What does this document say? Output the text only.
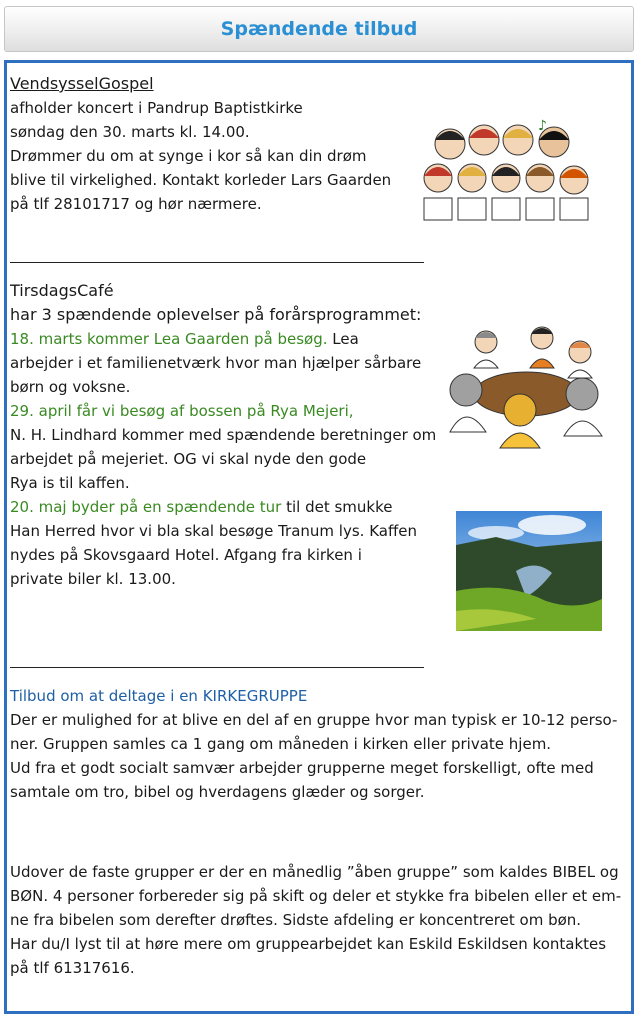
Spændende tilbud
VendsysselGospel
afholder koncert i Pandrup Baptistkirke
søndag den 30. marts kl. 14.00.
Drømmer du om at synge i kor så kan din drøm
blive til virkelighed. Kontakt korleder Lars Gaarden
på tlf 28101717 og hør nærmere.
♪
TirsdagsCafé
har 3 spændende oplevelser på forårsprogrammet:
18. marts kommer Lea Gaarden på besøg. Lea
arbejder i et familienetværk hvor man hjælper sårbare
børn og voksne.
29. april får vi besøg af bossen på Rya Mejeri,
N. H. Lindhard kommer med spændende beretninger om
arbejdet på mejeriet. OG vi skal nyde den gode
Rya is til kaffen.
20. maj byder på en spændende tur til det smukke
Han Herred hvor vi bla skal besøge Tranum lys. Kaffen
nydes på Skovsgaard Hotel. Afgang fra kirken i
private biler kl. 13.00.
Tilbud om at deltage i en KIRKEGRUPPE
Der er mulighed for at blive en del af en gruppe hvor man typisk er 10-12 perso-
ner. Gruppen samles ca 1 gang om måneden i kirken eller private hjem.
Ud fra et godt socialt samvær arbejder grupperne meget forskelligt, ofte med
samtale om tro, bibel og hverdagens glæder og sorger.
Udover de faste grupper er der en månedlig ”åben gruppe” som kaldes BIBEL og
BØN. 4 personer forbereder sig på skift og deler et stykke fra bibelen eller et em-
ne fra bibelen som derefter drøftes. Sidste afdeling er koncentreret om bøn.
Har du/I lyst til at høre mere om gruppearbejdet kan Eskild Eskildsen kontaktes
på tlf 61317616.
